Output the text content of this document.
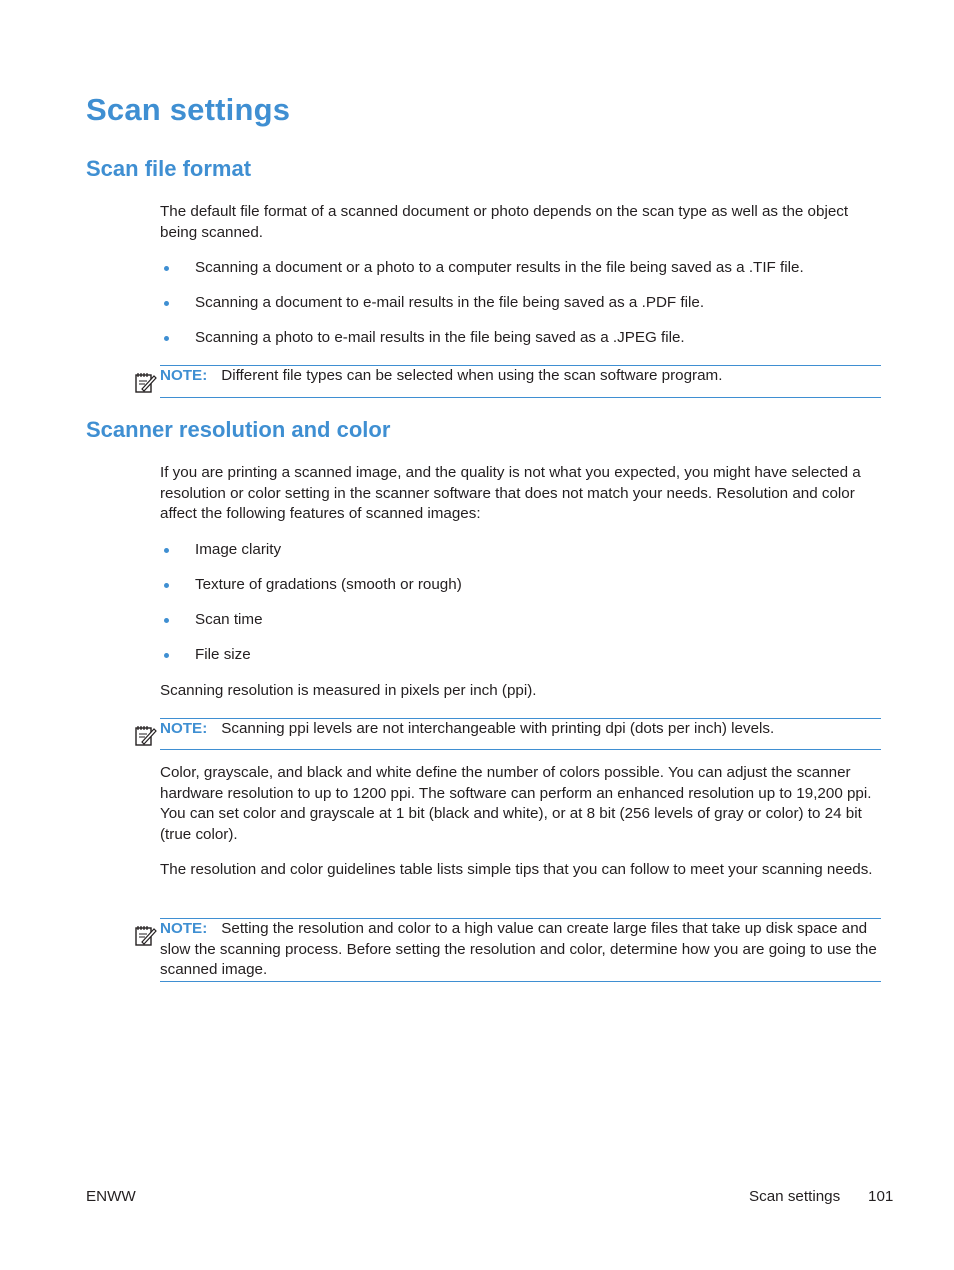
Scan settings
Scan file format

The default file format of a scanned document or photo depends on the scan type as well as the object being scanned.

Scanning a document or a photo to a computer results in the file being saved as a .TIF file.
Scanning a document to e-mail results in the file being saved as a .PDF file.
Scanning a photo to e-mail results in the file being saved as a .JPEG file.
NOTE: Different file types can be selected when using the scan software program.
Scanner resolution and color

If you are printing a scanned image, and the quality is not what you expected, you might have selected a resolution or color setting in the scanner software that does not match your needs. Resolution and color affect the following features of scanned images:

Image clarity
Texture of gradations (smooth or rough)
Scan time
File size

Scanning resolution is measured in pixels per inch (ppi).

NOTE: Scanning ppi levels are not interchangeable with printing dpi (dots per inch) levels.

Color, grayscale, and black and white define the number of colors possible. You can adjust the scanner hardware resolution to up to 1200 ppi. The software can perform an enhanced resolution up to 19,200 ppi. You can set color and grayscale at 1 bit (black and white), or at 8 bit (256 levels of gray or color) to 24 bit (true color).

The resolution and color guidelines table lists simple tips that you can follow to meet your scanning needs.

NOTE: Setting the resolution and color to a high value can create large files that take up disk space and slow the scanning process. Before setting the resolution and color, determine how you are going to use the scanned image.
ENWW	Scan settings 101
